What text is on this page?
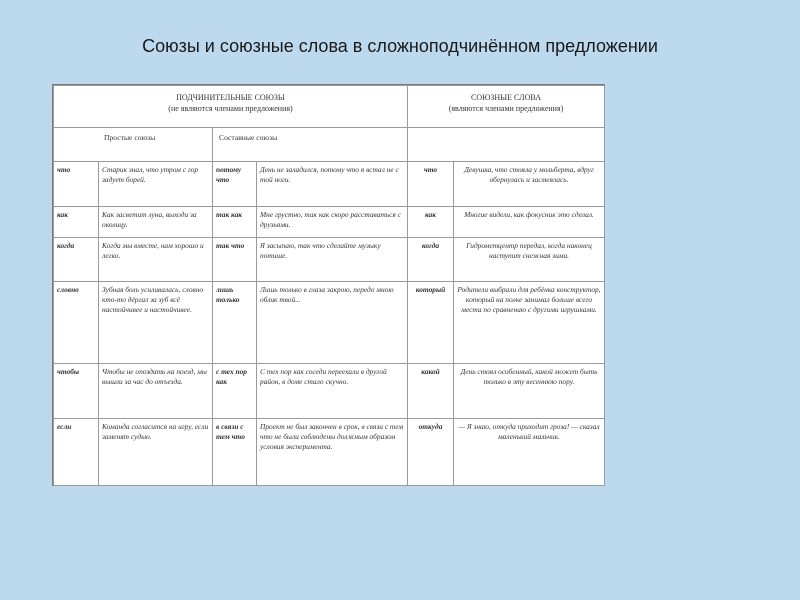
Союзы и союзные слова в сложноподчинённом предложении
ПОДЧИНИТЕЛЬНЫЕ СОЮЗЫ
(не являются членами предложения)				СОЮЗНЫЕ СЛОВА
(являются членами предложения)	
Простые союзы		Составные союзы			
что	Старик знал, что утром с гор задует борей.	потому что	День не заладился, потому что я встал не с той ноги.	что	Девушка, что стояла у мольберта, вдруг обернулась и засмеялась.
как	Как засветит луна, выходи за околицу.	так как	Мне грустно, так как скоро расставаться с друзьями.	как	Многие видели, как фокусник это сделал.
когда	Когда мы вместе, нам хорошо и легко.	так что	Я засыпаю, так что сделайте музыку потише.	когда	Гидрометцентр передал, когда наконец наступит снежная зима.
словно	Зубная боль усиливалась, словно кто-то дёргал за зуб всё настойчивее и настойчивее.	лишь только	Лишь только в глаза закрою, передо мною облик твой...	который	Родители выбрали для ребёнка конструктор, который на полке занимал больше всего места по сравнению с другими игрушками.
чтобы	Чтобы не опоздать на поезд, мы вышли за час до отъезда.	с тех пор как	С тех пор как соседи переехали в другой район, в доме стало скучно.	какой	День стоял особенный, какой может быть только в эту весеннюю пору.
если	Команда согласится на игру, если заменят судью.	в связи с тем что	Проект не был закончен в срок, в связи с тем что не были соблюдены должным образом условия эксперимента.	откуда	— Я знаю, откуда приходит гроза! — сказал маленький мальчик.
